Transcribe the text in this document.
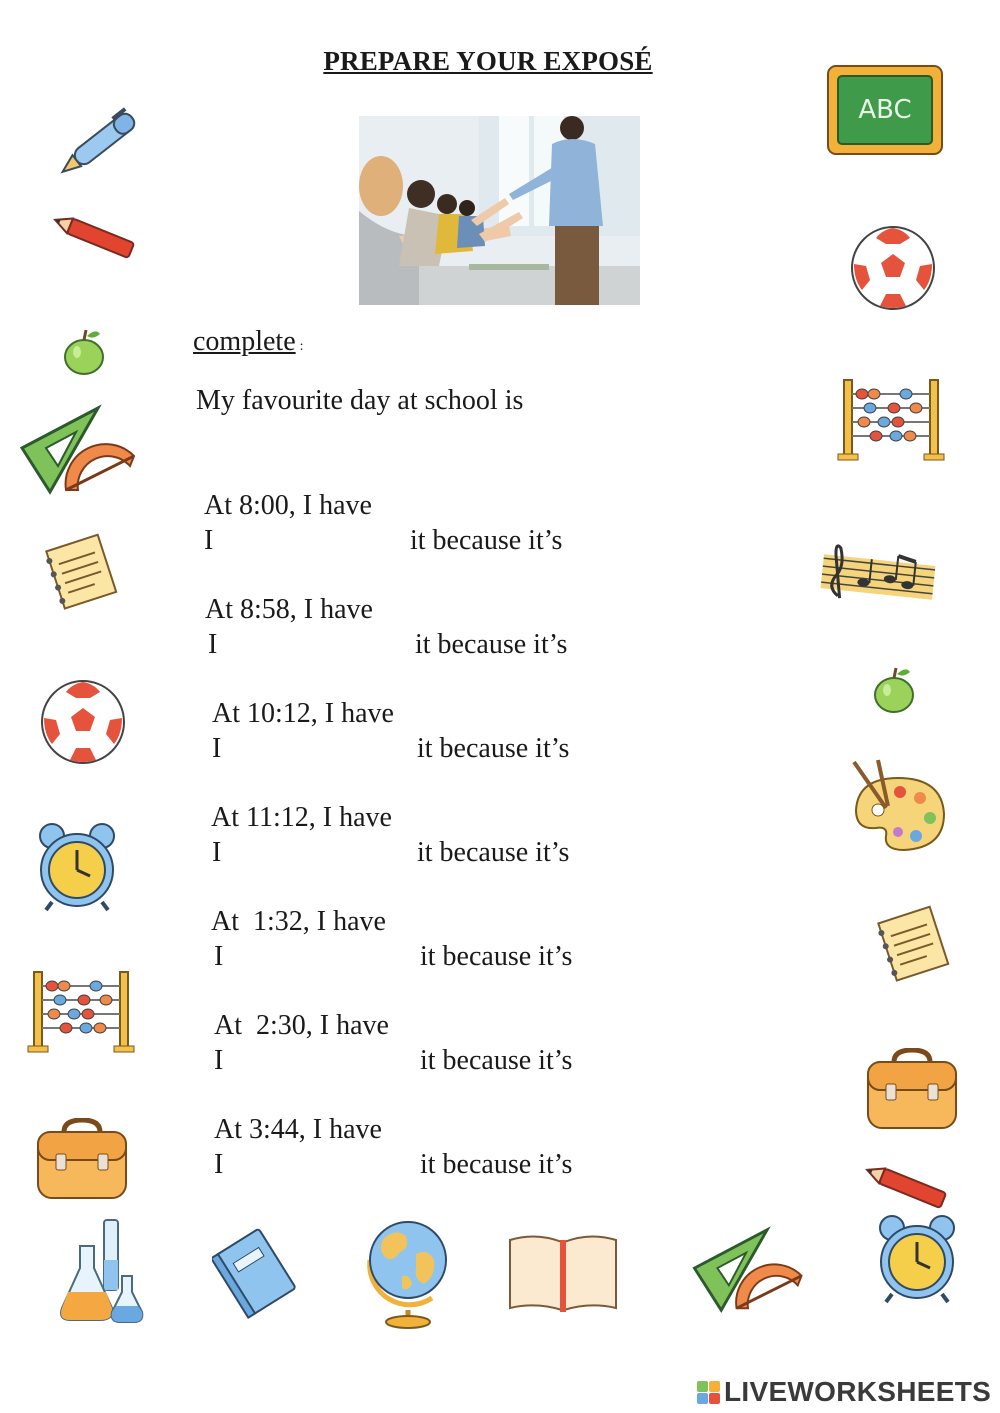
PREPARE YOUR EXPOSÉ
complete :
My favourite day at school is
At 8:00, I have
I	it because it’s
At 8:58, I have
I	it because it’s
At 10:12, I have
I	it because it’s
At 11:12, I have
I	it because it’s
At  1:32, I have
I	it because it’s
At  2:30, I have
I	it because it’s
At 3:44, I have
I	it because it’s
ABC
LIVEWORKSHEETS
